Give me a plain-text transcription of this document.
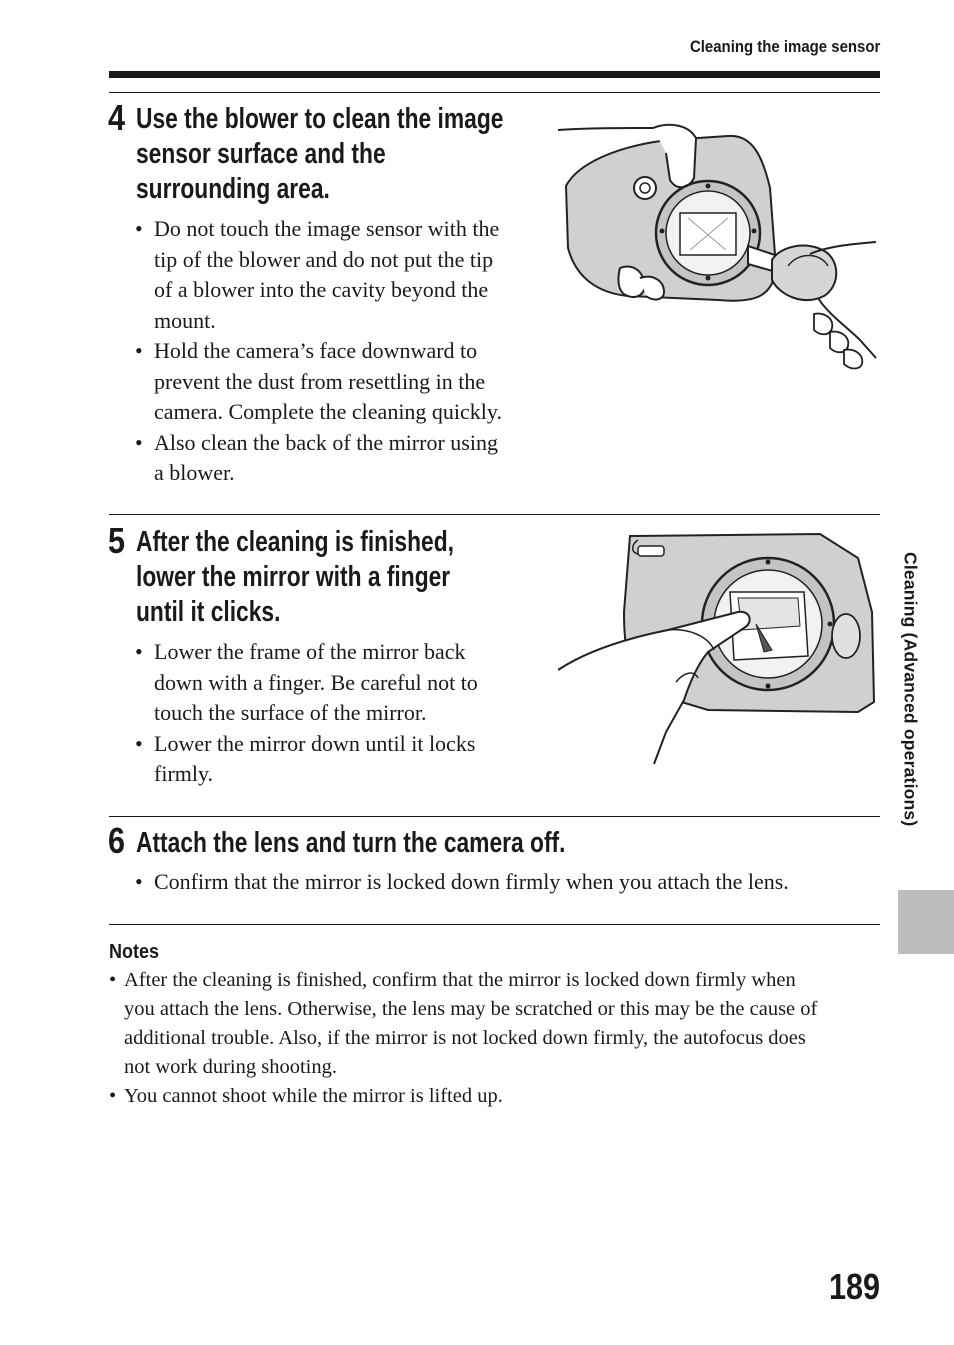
Cleaning the image sensor
4 Use the blower to clean the image
sensor surface and the
surrounding area.
• Do not touch the image sensor with the
tip of the blower and do not put the tip
of a blower into the cavity beyond the
mount.
• Hold the camera’s face downward to
prevent the dust from resettling in the
camera. Complete the cleaning quickly.
• Also clean the back of the mirror using
a blower.
5 After the cleaning is finished,
lower the mirror with a finger
until it clicks.
• Lower the frame of the mirror back
down with a finger. Be careful not to
touch the surface of the mirror.
• Lower the mirror down until it locks
firmly.
6 Attach the lens and turn the camera off.
• Confirm that the mirror is locked down firmly when you attach the lens.
Notes
• After the cleaning is finished, confirm that the mirror is locked down firmly when
you attach the lens. Otherwise, the lens may be scratched or this may be the cause of
additional trouble. Also, if the mirror is not locked down firmly, the autofocus does
not work during shooting.
• You cannot shoot while the mirror is lifted up.
Cleaning (Advanced operations)
189
